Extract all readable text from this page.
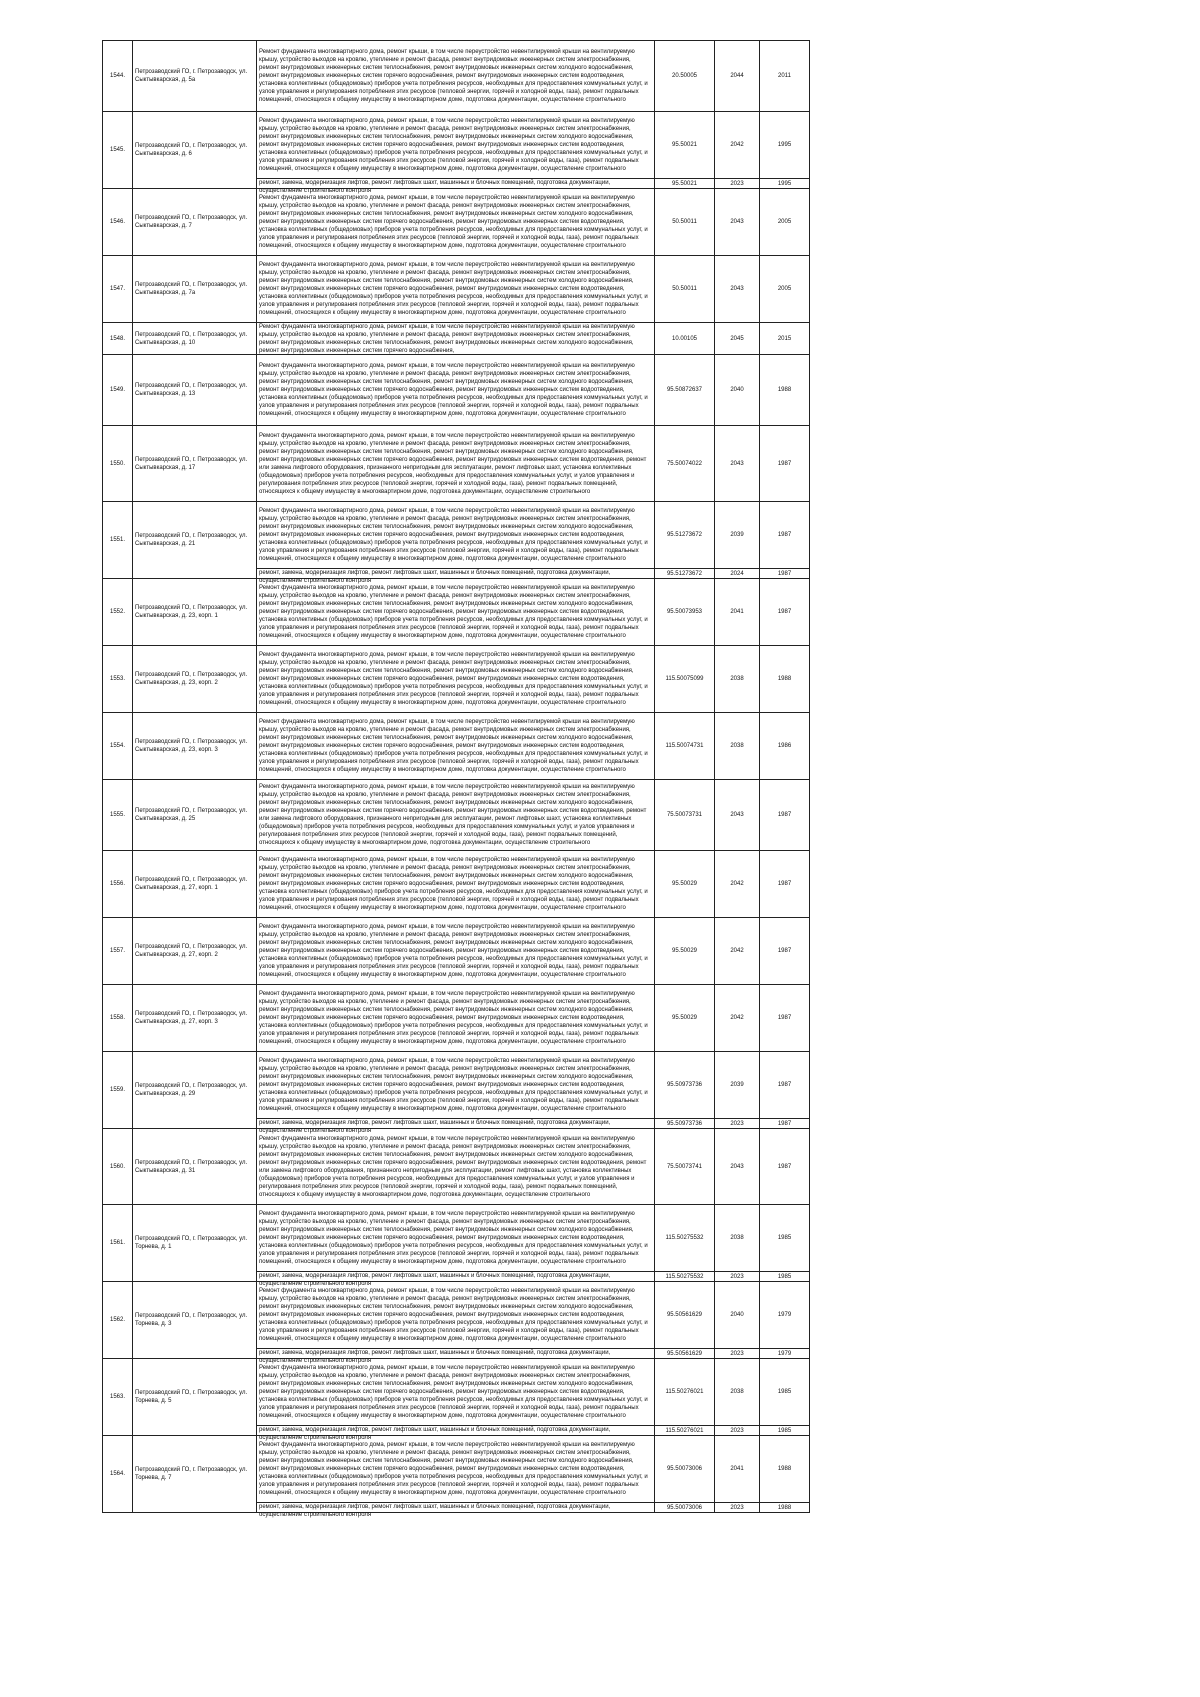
1544.	Петрозаводский ГО, г. Петрозаводск, ул. Сыктывкарская, д. 5а	Ремонт фундамента многоквартирного дома, ремонт крыши, в том числе переустройство невентилируемой крыши на вентилируемую крышу, устройство выходов на кровлю, утепление и ремонт фасада, ремонт внутридомовых инженерных систем электроснабжения, ремонт внутридомовых инженерных систем теплоснабжения, ремонт внутридомовых инженерных систем холодного водоснабжения, ремонт внутридомовых инженерных систем горячего водоснабжения, ремонт внутридомовых инженерных систем водоотведения, установка коллективных (общедомовых) приборов учета потребления ресурсов, необходимых для предоставления коммунальных услуг, и узлов управления и регулирования потребления этих ресурсов (тепловой энергии, горячей и холодной воды, газа), ремонт подвальных помещений, относящихся к общему имуществу в многоквартирном доме, подготовка документации, осуществление строительного	20.50005	2044	2011

1545.	Петрозаводский ГО, г. Петрозаводск, ул. Сыктывкарская, д. 6	Ремонт фундамента многоквартирного дома, ремонт крыши, в том числе переустройство невентилируемой крыши на вентилируемую крышу, устройство выходов на кровлю, утепление и ремонт фасада, ремонт внутридомовых инженерных систем электроснабжения, ремонт внутридомовых инженерных систем теплоснабжения, ремонт внутридомовых инженерных систем холодного водоснабжения, ремонт внутридомовых инженерных систем горячего водоснабжения, ремонт внутридомовых инженерных систем водоотведения, установка коллективных (общедомовых) приборов учета потребления ресурсов, необходимых для предоставления коммунальных услуг, и узлов управления и регулирования потребления этих ресурсов (тепловой энергии, горячей и холодной воды, газа), ремонт подвальных помещений, относящихся к общему имуществу в многоквартирном доме, подготовка документации, осуществление строительного	95.50021	2042	1995

		ремонт, замена, модернизация лифтов, ремонт лифтовых шахт, машинных и блочных помещений, подготовка документации, осуществление строительного контроля	95.50021	2023	1995

1546.	Петрозаводский ГО, г. Петрозаводск, ул. Сыктывкарская, д. 7	Ремонт фундамента многоквартирного дома, ремонт крыши, в том числе переустройство невентилируемой крыши на вентилируемую крышу, устройство выходов на кровлю, утепление и ремонт фасада, ремонт внутридомовых инженерных систем электроснабжения, ремонт внутридомовых инженерных систем теплоснабжения, ремонт внутридомовых инженерных систем холодного водоснабжения, ремонт внутридомовых инженерных систем горячего водоснабжения, ремонт внутридомовых инженерных систем водоотведения, установка коллективных (общедомовых) приборов учета потребления ресурсов, необходимых для предоставления коммунальных услуг, и узлов управления и регулирования потребления этих ресурсов (тепловой энергии, горячей и холодной воды, газа), ремонт подвальных помещений, относящихся к общему имуществу в многоквартирном доме, подготовка документации, осуществление строительного	50.50011	2043	2005

1547.	Петрозаводский ГО, г. Петрозаводск, ул. Сыктывкарская, д. 7а	Ремонт фундамента многоквартирного дома, ремонт крыши, в том числе переустройство невентилируемой крыши на вентилируемую крышу, устройство выходов на кровлю, утепление и ремонт фасада, ремонт внутридомовых инженерных систем электроснабжения, ремонт внутридомовых инженерных систем теплоснабжения, ремонт внутридомовых инженерных систем холодного водоснабжения, ремонт внутридомовых инженерных систем горячего водоснабжения, ремонт внутридомовых инженерных систем водоотведения, установка коллективных (общедомовых) приборов учета потребления ресурсов, необходимых для предоставления коммунальных услуг, и узлов управления и регулирования потребления этих ресурсов (тепловой энергии, горячей и холодной воды, газа), ремонт подвальных помещений, относящихся к общему имуществу в многоквартирном доме, подготовка документации, осуществление строительного	50.50011	2043	2005

1548.	Петрозаводский ГО, г. Петрозаводск, ул. Сыктывкарская, д. 10	Ремонт фундамента многоквартирного дома, ремонт крыши, в том числе переустройство невентилируемой крыши на вентилируемую крышу, устройство выходов на кровлю, утепление и ремонт фасада, ремонт внутридомовых инженерных систем электроснабжения, ремонт внутридомовых инженерных систем теплоснабжения, ремонт внутридомовых инженерных систем холодного водоснабжения, ремонт внутридомовых инженерных систем горячего водоснабжения,	10.00105	2045	2015

1549.	Петрозаводский ГО, г. Петрозаводск, ул. Сыктывкарская, д. 13	Ремонт фундамента многоквартирного дома, ремонт крыши, в том числе переустройство невентилируемой крыши на вентилируемую крышу, устройство выходов на кровлю, утепление и ремонт фасада, ремонт внутридомовых инженерных систем электроснабжения, ремонт внутридомовых инженерных систем теплоснабжения, ремонт внутридомовых инженерных систем холодного водоснабжения, ремонт внутридомовых инженерных систем горячего водоснабжения, ремонт внутридомовых инженерных систем водоотведения, установка коллективных (общедомовых) приборов учета потребления ресурсов, необходимых для предоставления коммунальных услуг, и узлов управления и регулирования потребления этих ресурсов (тепловой энергии, горячей и холодной воды, газа), ремонт подвальных помещений, относящихся к общему имуществу в многоквартирном доме, подготовка документации, осуществление строительного	95.50872637	2040	1988

1550.	Петрозаводский ГО, г. Петрозаводск, ул. Сыктывкарская, д. 17	Ремонт фундамента многоквартирного дома, ремонт крыши, в том числе переустройство невентилируемой крыши на вентилируемую крышу, устройство выходов на кровлю, утепление и ремонт фасада, ремонт внутридомовых инженерных систем электроснабжения, ремонт внутридомовых инженерных систем теплоснабжения, ремонт внутридомовых инженерных систем холодного водоснабжения, ремонт внутридомовых инженерных систем горячего водоснабжения, ремонт внутридомовых инженерных систем водоотведения, ремонт или замена лифтового оборудования, признанного непригодным для эксплуатации, ремонт лифтовых шахт, установка коллективных (общедомовых) приборов учета потребления ресурсов, необходимых для предоставления коммунальных услуг, и узлов управления и регулирования потребления этих ресурсов (тепловой энергии, горячей и холодной воды, газа), ремонт подвальных помещений, относящихся к общему имуществу в многоквартирном доме, подготовка документации, осуществление строительного	75.50074022	2043	1987

1551.	Петрозаводский ГО, г. Петрозаводск, ул. Сыктывкарская, д. 21	Ремонт фундамента многоквартирного дома, ремонт крыши, в том числе переустройство невентилируемой крыши на вентилируемую крышу, устройство выходов на кровлю, утепление и ремонт фасада, ремонт внутридомовых инженерных систем электроснабжения, ремонт внутридомовых инженерных систем теплоснабжения, ремонт внутридомовых инженерных систем холодного водоснабжения, ремонт внутридомовых инженерных систем горячего водоснабжения, ремонт внутридомовых инженерных систем водоотведения, установка коллективных (общедомовых) приборов учета потребления ресурсов, необходимых для предоставления коммунальных услуг, и узлов управления и регулирования потребления этих ресурсов (тепловой энергии, горячей и холодной воды, газа), ремонт подвальных помещений, относящихся к общему имуществу в многоквартирном доме, подготовка документации, осуществление строительного	95.51273672	2039	1987

		ремонт, замена, модернизация лифтов, ремонт лифтовых шахт, машинных и блочных помещений, подготовка документации, осуществление строительного контроля	95.51273672	2024	1987

1552.	Петрозаводский ГО, г. Петрозаводск, ул. Сыктывкарская, д. 23, корп. 1	Ремонт фундамента многоквартирного дома, ремонт крыши, в том числе переустройство невентилируемой крыши на вентилируемую крышу, устройство выходов на кровлю, утепление и ремонт фасада, ремонт внутридомовых инженерных систем электроснабжения, ремонт внутридомовых инженерных систем теплоснабжения, ремонт внутридомовых инженерных систем холодного водоснабжения, ремонт внутридомовых инженерных систем горячего водоснабжения, ремонт внутридомовых инженерных систем водоотведения, установка коллективных (общедомовых) приборов учета потребления ресурсов, необходимых для предоставления коммунальных услуг, и узлов управления и регулирования потребления этих ресурсов (тепловой энергии, горячей и холодной воды, газа), ремонт подвальных помещений, относящихся к общему имуществу в многоквартирном доме, подготовка документации, осуществление строительного	95.50073953	2041	1987

1553.	Петрозаводский ГО, г. Петрозаводск, ул. Сыктывкарская, д. 23, корп. 2	Ремонт фундамента многоквартирного дома, ремонт крыши, в том числе переустройство невентилируемой крыши на вентилируемую крышу, устройство выходов на кровлю, утепление и ремонт фасада, ремонт внутридомовых инженерных систем электроснабжения, ремонт внутридомовых инженерных систем теплоснабжения, ремонт внутридомовых инженерных систем холодного водоснабжения, ремонт внутридомовых инженерных систем горячего водоснабжения, ремонт внутридомовых инженерных систем водоотведения, установка коллективных (общедомовых) приборов учета потребления ресурсов, необходимых для предоставления коммунальных услуг, и узлов управления и регулирования потребления этих ресурсов (тепловой энергии, горячей и холодной воды, газа), ремонт подвальных помещений, относящихся к общему имуществу в многоквартирном доме, подготовка документации, осуществление строительного	115.50075099	2038	1988

1554.	Петрозаводский ГО, г. Петрозаводск, ул. Сыктывкарская, д. 23, корп. 3	Ремонт фундамента многоквартирного дома, ремонт крыши, в том числе переустройство невентилируемой крыши на вентилируемую крышу, устройство выходов на кровлю, утепление и ремонт фасада, ремонт внутридомовых инженерных систем электроснабжения, ремонт внутридомовых инженерных систем теплоснабжения, ремонт внутридомовых инженерных систем холодного водоснабжения, ремонт внутридомовых инженерных систем горячего водоснабжения, ремонт внутридомовых инженерных систем водоотведения, установка коллективных (общедомовых) приборов учета потребления ресурсов, необходимых для предоставления коммунальных услуг, и узлов управления и регулирования потребления этих ресурсов (тепловой энергии, горячей и холодной воды, газа), ремонт подвальных помещений, относящихся к общему имуществу в многоквартирном доме, подготовка документации, осуществление строительного	115.50074731	2038	1986

1555.	Петрозаводский ГО, г. Петрозаводск, ул. Сыктывкарская, д. 25	Ремонт фундамента многоквартирного дома, ремонт крыши, в том числе переустройство невентилируемой крыши на вентилируемую крышу, устройство выходов на кровлю, утепление и ремонт фасада, ремонт внутридомовых инженерных систем электроснабжения, ремонт внутридомовых инженерных систем теплоснабжения, ремонт внутридомовых инженерных систем холодного водоснабжения, ремонт внутридомовых инженерных систем горячего водоснабжения, ремонт внутридомовых инженерных систем водоотведения, ремонт или замена лифтового оборудования, признанного непригодным для эксплуатации, ремонт лифтовых шахт, установка коллективных (общедомовых) приборов учета потребления ресурсов, необходимых для предоставления коммунальных услуг, и узлов управления и регулирования потребления этих ресурсов (тепловой энергии, горячей и холодной воды, газа), ремонт подвальных помещений, относящихся к общему имуществу в многоквартирном доме, подготовка документации, осуществление строительного	75.50073731	2043	1987

1556.	Петрозаводский ГО, г. Петрозаводск, ул. Сыктывкарская, д. 27, корп. 1	Ремонт фундамента многоквартирного дома, ремонт крыши, в том числе переустройство невентилируемой крыши на вентилируемую крышу, устройство выходов на кровлю, утепление и ремонт фасада, ремонт внутридомовых инженерных систем электроснабжения, ремонт внутридомовых инженерных систем теплоснабжения, ремонт внутридомовых инженерных систем холодного водоснабжения, ремонт внутридомовых инженерных систем горячего водоснабжения, ремонт внутридомовых инженерных систем водоотведения, установка коллективных (общедомовых) приборов учета потребления ресурсов, необходимых для предоставления коммунальных услуг, и узлов управления и регулирования потребления этих ресурсов (тепловой энергии, горячей и холодной воды, газа), ремонт подвальных помещений, относящихся к общему имуществу в многоквартирном доме, подготовка документации, осуществление строительного	95.50029	2042	1987

1557.	Петрозаводский ГО, г. Петрозаводск, ул. Сыктывкарская, д. 27, корп. 2	Ремонт фундамента многоквартирного дома, ремонт крыши, в том числе переустройство невентилируемой крыши на вентилируемую крышу, устройство выходов на кровлю, утепление и ремонт фасада, ремонт внутридомовых инженерных систем электроснабжения, ремонт внутридомовых инженерных систем теплоснабжения, ремонт внутридомовых инженерных систем холодного водоснабжения, ремонт внутридомовых инженерных систем горячего водоснабжения, ремонт внутридомовых инженерных систем водоотведения, установка коллективных (общедомовых) приборов учета потребления ресурсов, необходимых для предоставления коммунальных услуг, и узлов управления и регулирования потребления этих ресурсов (тепловой энергии, горячей и холодной воды, газа), ремонт подвальных помещений, относящихся к общему имуществу в многоквартирном доме, подготовка документации, осуществление строительного	95.50029	2042	1987

1558.	Петрозаводский ГО, г. Петрозаводск, ул. Сыктывкарская, д. 27, корп. 3	Ремонт фундамента многоквартирного дома, ремонт крыши, в том числе переустройство невентилируемой крыши на вентилируемую крышу, устройство выходов на кровлю, утепление и ремонт фасада, ремонт внутридомовых инженерных систем электроснабжения, ремонт внутридомовых инженерных систем теплоснабжения, ремонт внутридомовых инженерных систем холодного водоснабжения, ремонт внутридомовых инженерных систем горячего водоснабжения, ремонт внутридомовых инженерных систем водоотведения, установка коллективных (общедомовых) приборов учета потребления ресурсов, необходимых для предоставления коммунальных услуг, и узлов управления и регулирования потребления этих ресурсов (тепловой энергии, горячей и холодной воды, газа), ремонт подвальных помещений, относящихся к общему имуществу в многоквартирном доме, подготовка документации, осуществление строительного	95.50029	2042	1987

1559.	Петрозаводский ГО, г. Петрозаводск, ул. Сыктывкарская, д. 29	Ремонт фундамента многоквартирного дома, ремонт крыши, в том числе переустройство невентилируемой крыши на вентилируемую крышу, устройство выходов на кровлю, утепление и ремонт фасада, ремонт внутридомовых инженерных систем электроснабжения, ремонт внутридомовых инженерных систем теплоснабжения, ремонт внутридомовых инженерных систем холодного водоснабжения, ремонт внутридомовых инженерных систем горячего водоснабжения, ремонт внутридомовых инженерных систем водоотведения, установка коллективных (общедомовых) приборов учета потребления ресурсов, необходимых для предоставления коммунальных услуг, и узлов управления и регулирования потребления этих ресурсов (тепловой энергии, горячей и холодной воды, газа), ремонт подвальных помещений, относящихся к общему имуществу в многоквартирном доме, подготовка документации, осуществление строительного	95.50973736	2039	1987

		ремонт, замена, модернизация лифтов, ремонт лифтовых шахт, машинных и блочных помещений, подготовка документации, осуществление строительного контроля	95.50973736	2023	1987

1560.	Петрозаводский ГО, г. Петрозаводск, ул. Сыктывкарская, д. 31	Ремонт фундамента многоквартирного дома, ремонт крыши, в том числе переустройство невентилируемой крыши на вентилируемую крышу, устройство выходов на кровлю, утепление и ремонт фасада, ремонт внутридомовых инженерных систем электроснабжения, ремонт внутридомовых инженерных систем теплоснабжения, ремонт внутридомовых инженерных систем холодного водоснабжения, ремонт внутридомовых инженерных систем горячего водоснабжения, ремонт внутридомовых инженерных систем водоотведения, ремонт или замена лифтового оборудования, признанного непригодным для эксплуатации, ремонт лифтовых шахт, установка коллективных (общедомовых) приборов учета потребления ресурсов, необходимых для предоставления коммунальных услуг, и узлов управления и регулирования потребления этих ресурсов (тепловой энергии, горячей и холодной воды, газа), ремонт подвальных помещений, относящихся к общему имуществу в многоквартирном доме, подготовка документации, осуществление строительного	75.50073741	2043	1987

1561.	Петрозаводский ГО, г. Петрозаводск, ул. Торнева, д. 1	Ремонт фундамента многоквартирного дома, ремонт крыши, в том числе переустройство невентилируемой крыши на вентилируемую крышу, устройство выходов на кровлю, утепление и ремонт фасада, ремонт внутридомовых инженерных систем электроснабжения, ремонт внутридомовых инженерных систем теплоснабжения, ремонт внутридомовых инженерных систем холодного водоснабжения, ремонт внутридомовых инженерных систем горячего водоснабжения, ремонт внутридомовых инженерных систем водоотведения, установка коллективных (общедомовых) приборов учета потребления ресурсов, необходимых для предоставления коммунальных услуг, и узлов управления и регулирования потребления этих ресурсов (тепловой энергии, горячей и холодной воды, газа), ремонт подвальных помещений, относящихся к общему имуществу в многоквартирном доме, подготовка документации, осуществление строительного	115.50275532	2038	1985

		ремонт, замена, модернизация лифтов, ремонт лифтовых шахт, машинных и блочных помещений, подготовка документации, осуществление строительного контроля	115.50275532	2023	1985

1562.	Петрозаводский ГО, г. Петрозаводск, ул. Торнева, д. 3	Ремонт фундамента многоквартирного дома, ремонт крыши, в том числе переустройство невентилируемой крыши на вентилируемую крышу, устройство выходов на кровлю, утепление и ремонт фасада, ремонт внутридомовых инженерных систем электроснабжения, ремонт внутридомовых инженерных систем теплоснабжения, ремонт внутридомовых инженерных систем холодного водоснабжения, ремонт внутридомовых инженерных систем горячего водоснабжения, ремонт внутридомовых инженерных систем водоотведения, установка коллективных (общедомовых) приборов учета потребления ресурсов, необходимых для предоставления коммунальных услуг, и узлов управления и регулирования потребления этих ресурсов (тепловой энергии, горячей и холодной воды, газа), ремонт подвальных помещений, относящихся к общему имуществу в многоквартирном доме, подготовка документации, осуществление строительного	95.50561629	2040	1979

		ремонт, замена, модернизация лифтов, ремонт лифтовых шахт, машинных и блочных помещений, подготовка документации, осуществление строительного контроля	95.50561629	2023	1979

1563.	Петрозаводский ГО, г. Петрозаводск, ул. Торнева, д. 5	Ремонт фундамента многоквартирного дома, ремонт крыши, в том числе переустройство невентилируемой крыши на вентилируемую крышу, устройство выходов на кровлю, утепление и ремонт фасада, ремонт внутридомовых инженерных систем электроснабжения, ремонт внутридомовых инженерных систем теплоснабжения, ремонт внутридомовых инженерных систем холодного водоснабжения, ремонт внутридомовых инженерных систем горячего водоснабжения, ремонт внутридомовых инженерных систем водоотведения, установка коллективных (общедомовых) приборов учета потребления ресурсов, необходимых для предоставления коммунальных услуг, и узлов управления и регулирования потребления этих ресурсов (тепловой энергии, горячей и холодной воды, газа), ремонт подвальных помещений, относящихся к общему имуществу в многоквартирном доме, подготовка документации, осуществление строительного	115.50276021	2038	1985

		ремонт, замена, модернизация лифтов, ремонт лифтовых шахт, машинных и блочных помещений, подготовка документации, осуществление строительного контроля	115.50276021	2023	1985

1564.	Петрозаводский ГО, г. Петрозаводск, ул. Торнева, д. 7	Ремонт фундамента многоквартирного дома, ремонт крыши, в том числе переустройство невентилируемой крыши на вентилируемую крышу, устройство выходов на кровлю, утепление и ремонт фасада, ремонт внутридомовых инженерных систем электроснабжения, ремонт внутридомовых инженерных систем теплоснабжения, ремонт внутридомовых инженерных систем холодного водоснабжения, ремонт внутридомовых инженерных систем горячего водоснабжения, ремонт внутридомовых инженерных систем водоотведения, установка коллективных (общедомовых) приборов учета потребления ресурсов, необходимых для предоставления коммунальных услуг, и узлов управления и регулирования потребления этих ресурсов (тепловой энергии, горячей и холодной воды, газа), ремонт подвальных помещений, относящихся к общему имуществу в многоквартирном доме, подготовка документации, осуществление строительного	95.50073006	2041	1988

		ремонт, замена, модернизация лифтов, ремонт лифтовых шахт, машинных и блочных помещений, подготовка документации, осуществление строительного контроля	95.50073006	2023	1988
